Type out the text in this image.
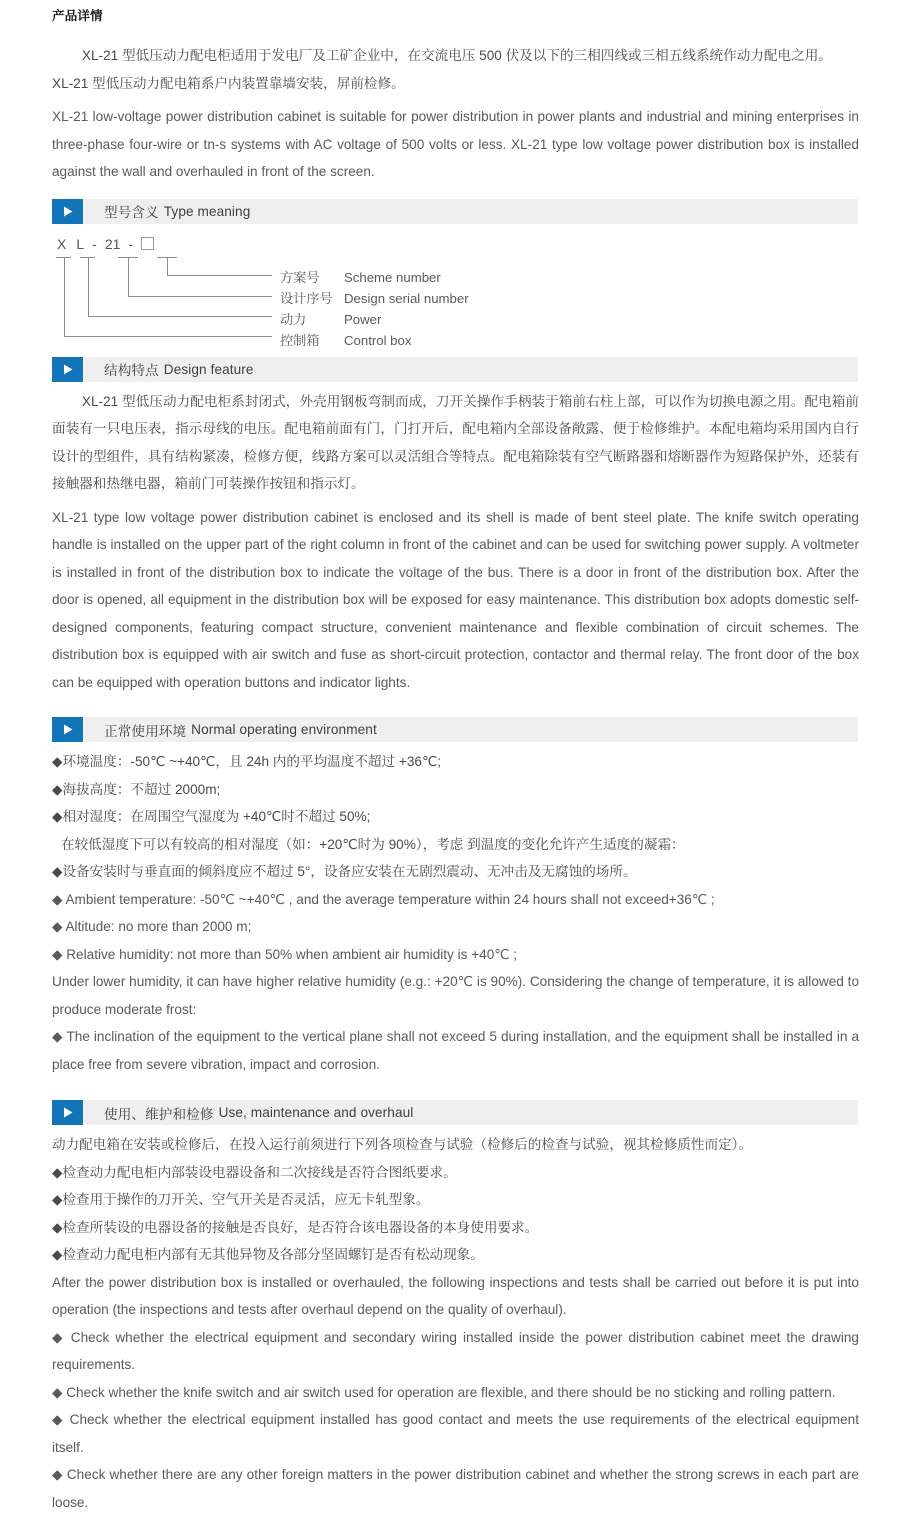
产品详情

XL-21 型低压动力配电柜适用于发电厂及工矿企业中，在交流电压 500 伏及以下的三相四线或三相五线系统作动力配电之用。

XL-21 型低压动力配电箱系户内装置靠墙安装，屏前检修。

XL-21 low-voltage power distribution cabinet is suitable for power distribution in power plants and industrial and mining enterprises in three-phase four-wire or tn-s systems with AC voltage of 500 volts or less. XL-21 type low voltage power distribution box is installed against the wall and overhauled in front of the screen.

型号含义 Type meaning
X L - 21 -
方案号 Scheme number
设计序号 Design serial number
动力	Power
控制箱 Control box
结构特点 Design feature

XL-21 型低压动力配电柜系封闭式，外壳用钢板弯制而成，刀开关操作手柄装于箱前右柱上部，可以作为切换电源之用。配电箱前面装有一只电压表，指示母线的电压。配电箱前面有门，门打开后，配电箱内全部设备敞露、便于检修维护。本配电箱均采用国内自行设计的型组件，具有结构紧凑，检修方便，线路方案可以灵活组合等特点。配电箱除装有空气断路器和熔断器作为短路保护外，还装有接触器和热继电器，箱前门可装操作按钮和指示灯。

XL-21 type low voltage power distribution cabinet is enclosed and its shell is made of bent steel plate. The knife switch operating handle is installed on the upper part of the right column in front of the cabinet and can be used for switching power supply. A voltmeter is installed in front of the distribution box to indicate the voltage of the bus. There is a door in front of the distribution box. After the door is opened, all equipment in the distribution box will be exposed for easy maintenance. This distribution box adopts domestic self-designed components, featuring compact structure, convenient maintenance and flexible combination of circuit schemes. The distribution box is equipped with air switch and fuse as short-circuit protection, contactor and thermal relay. The front door of the box can be equipped with operation buttons and indicator lights.

正常使用环境 Normal operating environment

◆环境温度：-50℃ ~+40℃，且 24h 内的平均温度不超过 +36℃;

◆海拔高度：不超过 2000m;

◆相对湿度：在周围空气湿度为 +40℃时不超过 50%;

在较低湿度下可以有较高的相对湿度（如：+20℃时为 90%），考虑 到温度的变化允许产生适度的凝霜：

◆设备安装时与垂直面的倾斜度应不超过 5°，设备应安装在无剧烈震动、无冲击及无腐蚀的场所。

◆ Ambient temperature: -50℃ ~+40℃ , and the average temperature within 24 hours shall not exceed+36℃ ;

◆ Altitude: no more than 2000 m;

◆ Relative humidity: not more than 50% when ambient air humidity is +40℃ ;

Under lower humidity, it can have higher relative humidity (e.g.: +20℃ is 90%). Considering the change of temperature, it is allowed to produce moderate frost:

◆ The inclination of the equipment to the vertical plane shall not exceed 5 during installation, and the equipment shall be installed in a place free from severe vibration, impact and corrosion.

使用、维护和检修 Use, maintenance and overhaul

动力配电箱在安装或检修后，在投入运行前须进行下列各项检查与试验（检修后的检查与试验，视其检修质性而定）。

◆检查动力配电柜内部装设电器设备和二次接线是否符合图纸要求。

◆检查用于操作的刀开关、空气开关是否灵活，应无卡轧型象。

◆检查所装设的电器设备的接触是否良好，是否符合该电器设备的本身使用要求。

◆检查动力配电柜内部有无其他异物及各部分坚固螺钉是否有松动现象。

After the power distribution box is installed or overhauled, the following inspections and tests shall be carried out before it is put into operation (the inspections and tests after overhaul depend on the quality of overhaul).

◆ Check whether the electrical equipment and secondary wiring installed inside the power distribution cabinet meet the drawing requirements.

◆ Check whether the knife switch and air switch used for operation are flexible, and there should be no sticking and rolling pattern.

◆ Check whether the electrical equipment installed has good contact and meets the use requirements of the electrical equipment itself.

◆ Check whether there are any other foreign matters in the power distribution cabinet and whether the strong screws in each part are loose.
